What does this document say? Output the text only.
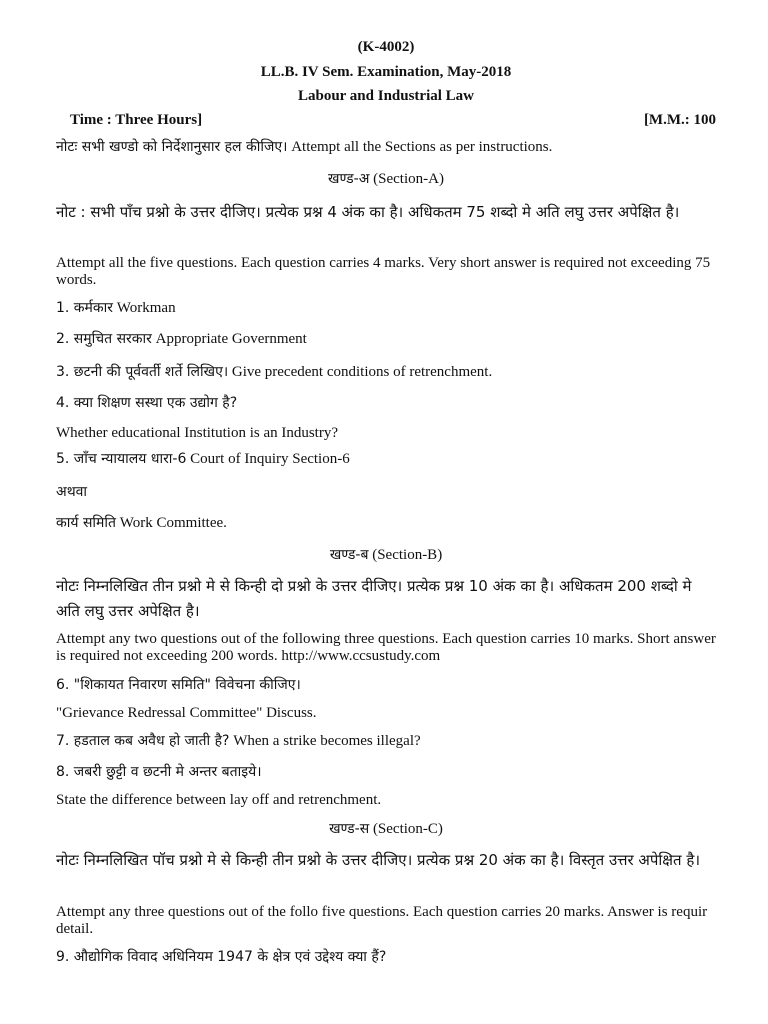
(K-4002)
LL.B. IV Sem. Examination, May-2018
Labour and Industrial Law
Time : Three Hours]	[M.M.: 100
नोटः सभी खण्डो को निर्देशानुसार हल कीजिए। Attempt all the Sections as per instructions.
खण्ड-अ (Section-A)
नोट : सभी पाँच प्रश्नो के उत्तर दीजिए। प्रत्येक प्रश्न 4 अंक का है। अधिकतम 75 शब्दो मे अति लघु उत्तर अपेक्षित है।
Attempt all the five questions. Each question carries 4 marks. Very short answer is required not exceeding 75 words.
1. कर्मकार Workman
2. समुचित सरकार Appropriate Government
3. छटनी की पूर्ववर्ती शर्ते लिखिए। Give precedent conditions of retrenchment.
4. क्या शिक्षण सस्था एक उद्योग है?
Whether educational Institution is an Industry?
5. जाँच न्यायालय धारा-6 Court of Inquiry Section-6
अथवा
कार्य समिति Work Committee.
खण्ड-ब (Section-B)
नोटः निम्नलिखित तीन प्रश्नो मे से किन्ही दो प्रश्नो के उत्तर दीजिए। प्रत्येक प्रश्न 10 अंक का है। अधिकतम 200 शब्दो मे अति लघु उत्तर अपेक्षित है।
Attempt any two questions out of the following three questions. Each question carries 10 marks. Short answer is required not exceeding 200 words. http://www.ccsustudy.com
6. "शिकायत निवारण समिति" विवेचना कीजिए।
"Grievance Redressal Committee" Discuss.
7. हडताल कब अवैध हो जाती है? When a strike becomes illegal?
8. जबरी छुट्टी व छटनी मे अन्तर बताइये।
State the difference between lay off and retrenchment.
खण्ड-स (Section-C)
नोटः निम्नलिखित पॉच प्रश्नो मे से किन्ही तीन प्रश्नो के उत्तर दीजिए। प्रत्येक प्रश्न 20 अंक का है। विस्तृत उत्तर अपेक्षित है।
Attempt any three questions out of the follo five questions. Each question carries 20 marks. Answer is requir detail.
9. औद्योगिक विवाद अधिनियम 1947 के क्षेत्र एवं उद्देश्य क्या हैं?
